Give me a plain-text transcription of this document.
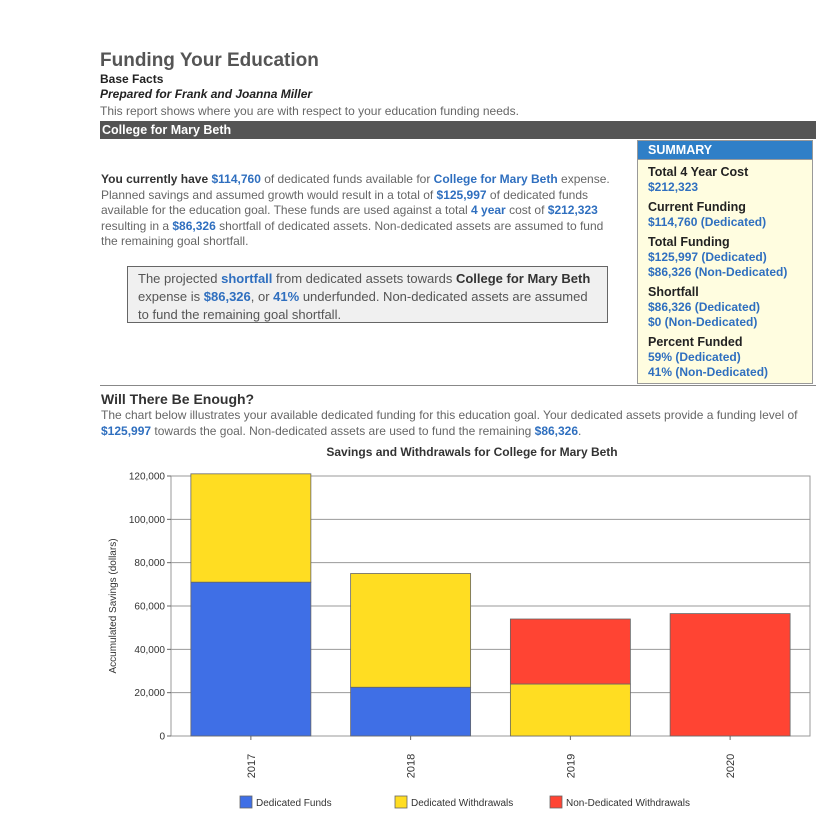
Funding Your Education
Base Facts
Prepared for Frank and Joanna Miller
This report shows where you are with respect to your education funding needs.
College for Mary Beth
You currently have $114,760 of dedicated funds available for College for Mary Beth expense. Planned savings and assumed growth would result in a total of $125,997 of dedicated funds available for the education goal. These funds are used against a total 4 year cost of $212,323 resulting in a $86,326 shortfall of dedicated assets. Non-dedicated assets are assumed to fund the remaining goal shortfall.
The projected shortfall from dedicated assets towards College for Mary Beth expense is $86,326, or 41% underfunded. Non-dedicated assets are assumed to fund the remaining goal shortfall.
SUMMARY
Total 4 Year Cost
$212,323
Current Funding
$114,760 (Dedicated)
Total Funding
$125,997 (Dedicated)
$86,326 (Non-Dedicated)
Shortfall
$86,326 (Dedicated)
$0 (Non-Dedicated)
Percent Funded
59% (Dedicated)
41% (Non-Dedicated)
Will There Be Enough?
The chart below illustrates your available dedicated funding for this education goal. Your dedicated assets provide a funding level of $125,997 towards the goal. Non-dedicated assets are used to fund the remaining $86,326.
Savings and Withdrawals for College for Mary Beth
0
20,000
40,000
60,000
80,000
100,000
120,000
Accumulated Savings (dollars)
2017	2018	2019	2020
Dedicated Funds	Dedicated Withdrawals	Non-Dedicated Withdrawals
